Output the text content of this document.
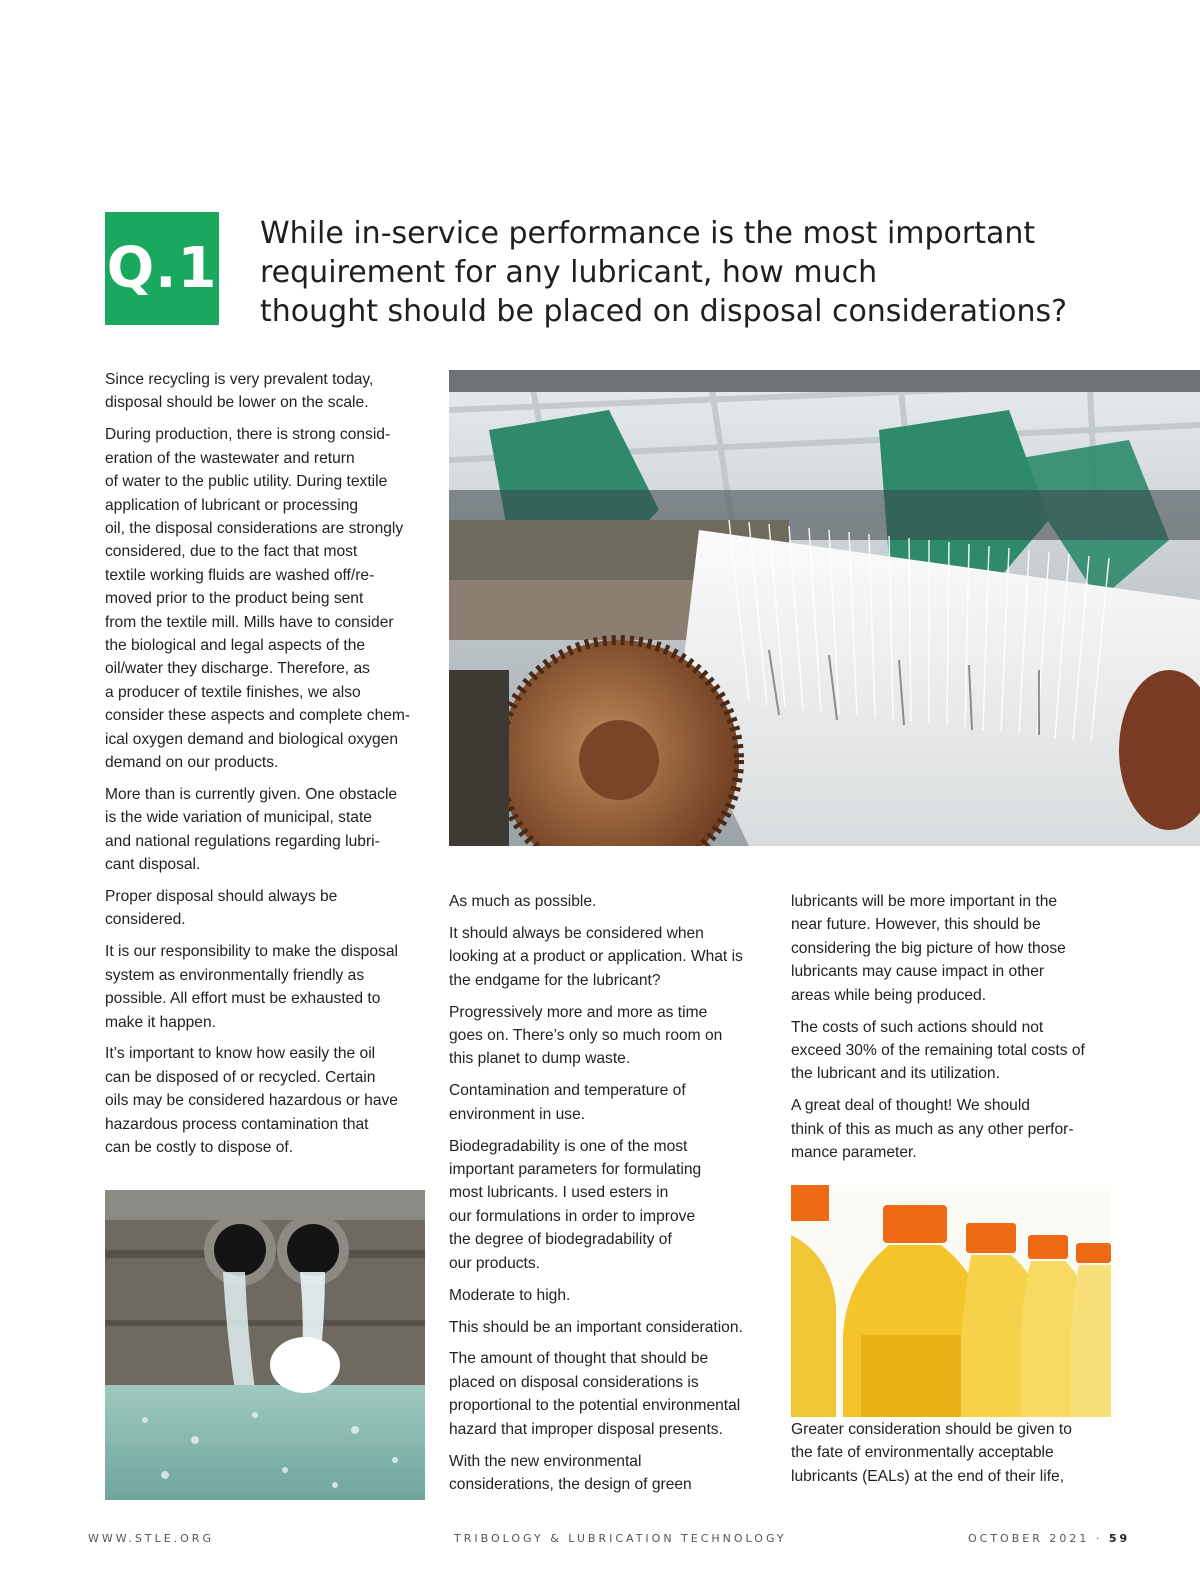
Q.1
While in-service performance is the most important
requirement for any lubricant, how much
thought should be placed on disposal considerations?

Since recycling is very prevalent today,
disposal should be lower on the scale.

During production, there is strong consid-
eration of the wastewater and return
of water to the public utility. During textile
application of lubricant or processing
oil, the disposal considerations are strongly
considered, due to the fact that most
textile working fluids are washed off/re-
moved prior to the product being sent
from the textile mill. Mills have to consider
the biological and legal aspects of the
oil/water they discharge. Therefore, as
a producer of textile finishes, we also
consider these aspects and complete chem-
ical oxygen demand and biological oxygen
demand on our products.

More than is currently given. One obstacle
is the wide variation of municipal, state
and national regulations regarding lubri-
cant disposal.

Proper disposal should always be
considered.

It is our responsibility to make the disposal
system as environmentally friendly as
possible. All effort must be exhausted to
make it happen.

It’s important to know how easily the oil
can be disposed of or recycled. Certain
oils may be considered hazardous or have
hazardous process contamination that
can be costly to dispose of.

As much as possible.

It should always be considered when
looking at a product or application. What is
the endgame for the lubricant?

Progressively more and more as time
goes on. There’s only so much room on
this planet to dump waste.

Contamination and temperature of
environment in use.

Biodegradability is one of the most
important parameters for formulating
most lubricants. I used esters in
our formulations in order to improve
the degree of biodegradability of
our products.

Moderate to high.

This should be an important consideration.

The amount of thought that should be
placed on disposal considerations is
proportional to the potential environmental
hazard that improper disposal presents.

With the new environmental
considerations, the design of green

lubricants will be more important in the
near future. However, this should be
considering the big picture of how those
lubricants may cause impact in other
areas while being produced.

The costs of such actions should not
exceed 30% of the remaining total costs of
the lubricant and its utilization.

A great deal of thought! We should
think of this as much as any other perfor-
mance parameter.

Greater consideration should be given to
the fate of environmentally acceptable
lubricants (EALs) at the end of their life,

WWW.STLE.ORG	TRIBOLOGY & LUBRICATION TECHNOLOGY	OCTOBER 2021 · 59
